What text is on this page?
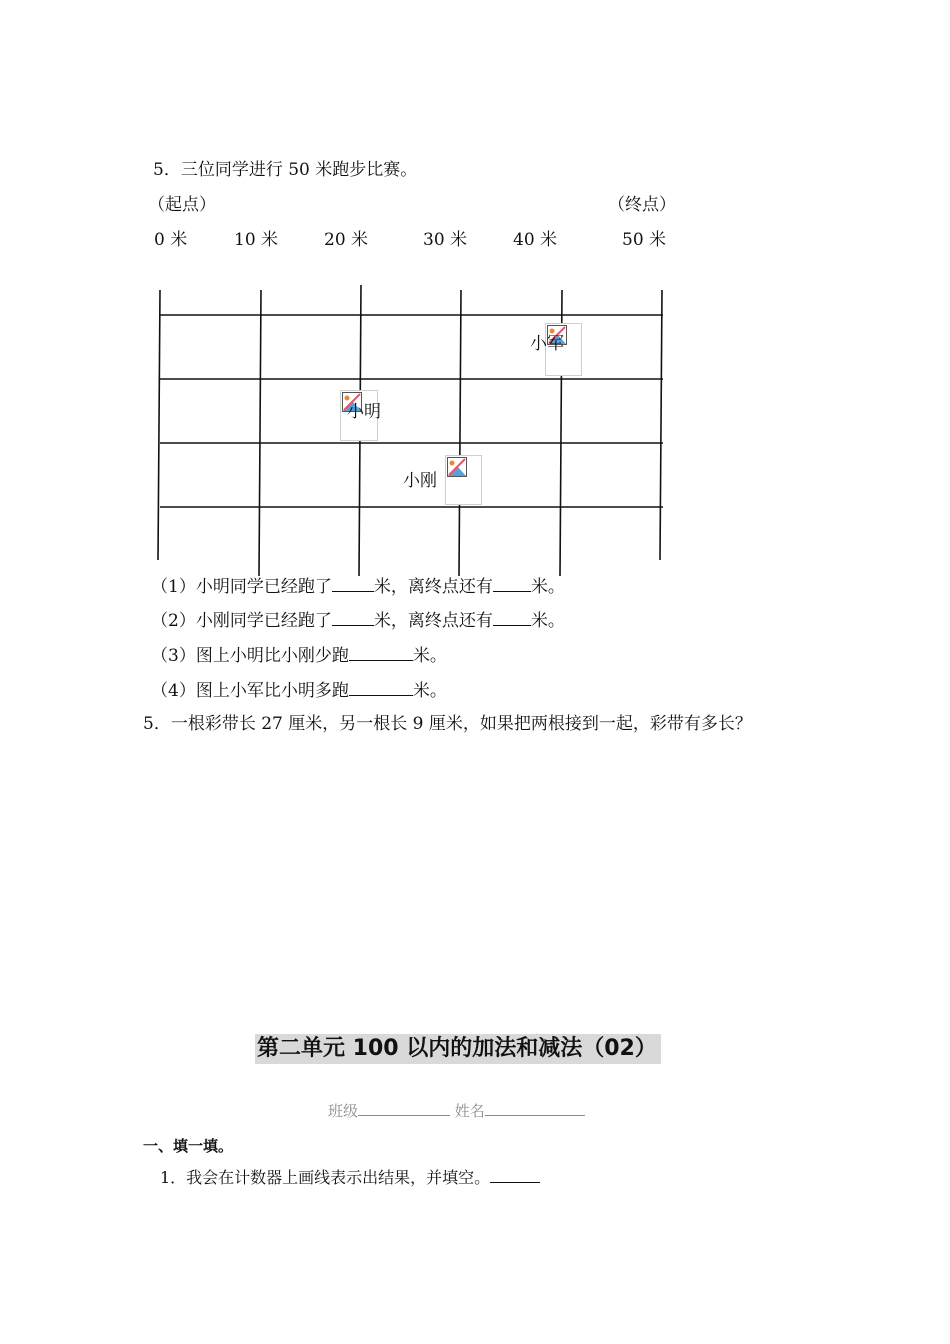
5．三位同学进行 50 米跑步比赛。
（起点）	（终点）
0 米	10 米	20 米	30 米	40 米	50 米
小军
小明
小刚
（1）小明同学已经跑了 米，离终点还有 米。
（2）小刚同学已经跑了 米，离终点还有 米。
（3）图上小明比小刚少跑	米。
（4）图上小军比小明多跑	米。
5．一根彩带长 27 厘米，另一根长 9 厘米，如果把两根接到一起，彩带有多长？
第二单元 100 以内的加法和减法（02）
班级	姓名
一、填一填。
1．我会在计数器上画线表示出结果，并填空。
